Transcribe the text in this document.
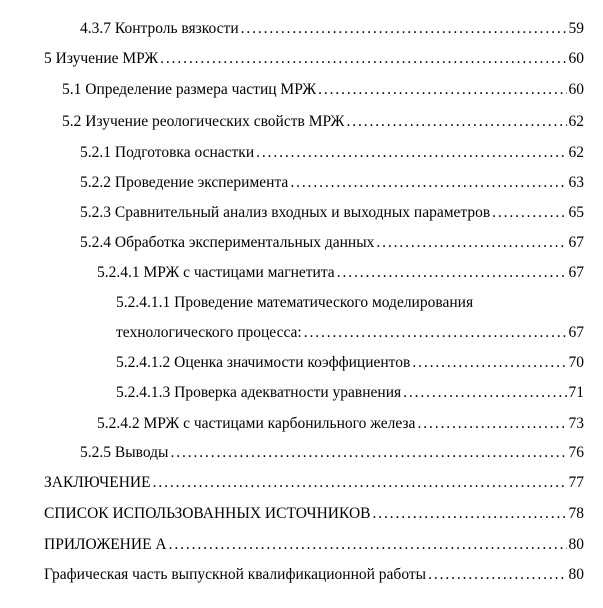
4.3.7 Контроль вязкости . . .	59
5 Изучение МРЖ . . .	60
5.1 Определение размера частиц МРЖ . . .	60
5.2 Изучение реологических свойств МРЖ . . .	62
5.2.1 Подготовка оснастки . . .	62
5.2.2 Проведение эксперимента . . .	63
5.2.3 Сравнительный анализ входных и выходных параметров . . .	65
5.2.4 Обработка экспериментальных данных . . .	67
5.2.4.1 МРЖ с частицами магнетита . . .	67
5.2.4.1.1 Проведение математического моделирования
технологического процесса: . . .	67
5.2.4.1.2 Оценка значимости коэффициентов . . .	70
5.2.4.1.3 Проверка адекватности уравнения . . .	71
5.2.4.2 МРЖ с частицами карбонильного железа . . .	73
5.2.5 Выводы . . .	76
ЗАКЛЮЧЕНИЕ . . .	77
СПИСОК ИСПОЛЬЗОВАННЫХ ИСТОЧНИКОВ . . .	78
ПРИЛОЖЕНИЕ А . . .	80
Графическая часть выпускной квалификационной работы . . .	80
